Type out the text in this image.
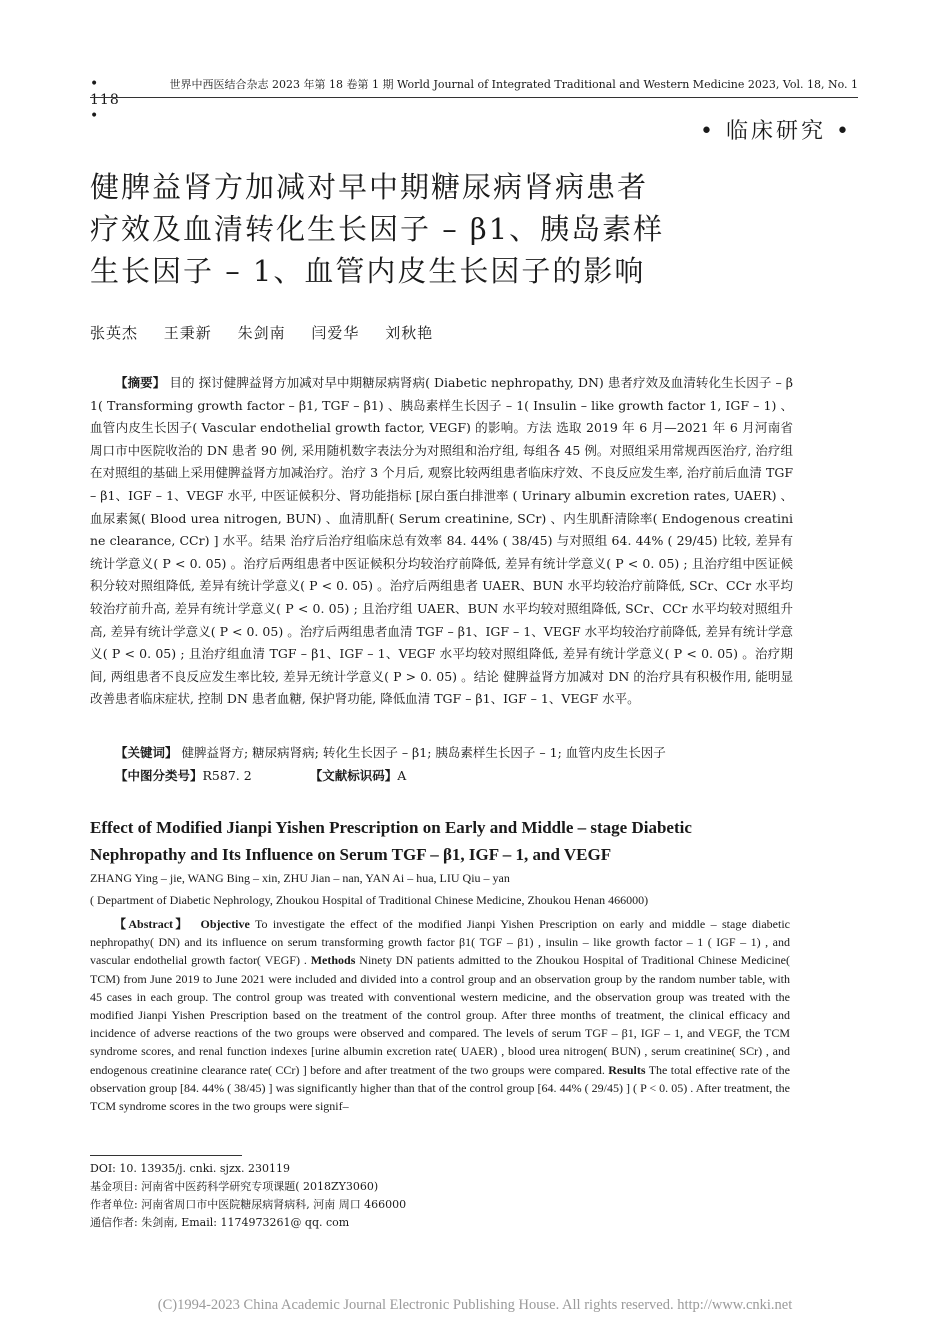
• 118 •
世界中西医结合杂志 2023 年第 18 卷第 1 期 World Journal of Integrated Traditional and Western Medicine 2023, Vol. 18, No. 1
• 临床研究 •
健脾益肾方加减对早中期糖尿病肾病患者
疗效及血清转化生长因子 – β1、胰岛素样
生长因子 – 1、血管内皮生长因子的影响
张英杰 王秉新 朱剑南 闫爱华 刘秋艳

【摘要】 目的 探讨健脾益肾方加减对早中期糖尿病肾病( Diabetic nephropathy, DN) 患者疗效及血清转化生长因子 – β1( Transforming growth factor – β1, TGF – β1) 、胰岛素样生长因子 – 1( Insulin – like growth factor 1, IGF – 1) 、血管内皮生长因子( Vascular endothelial growth factor, VEGF) 的影响。方法 选取 2019 年 6 月—2021 年 6 月河南省周口市中医院收治的 DN 患者 90 例, 采用随机数字表法分为对照组和治疗组, 每组各 45 例。对照组采用常规西医治疗, 治疗组在对照组的基础上采用健脾益肾方加减治疗。治疗 3 个月后, 观察比较两组患者临床疗效、不良反应发生率, 治疗前后血清 TGF – β1、IGF – 1、VEGF 水平, 中医证候积分、肾功能指标 [尿白蛋白排泄率 ( Urinary albumin excretion rates, UAER) 、血尿素氮( Blood urea nitrogen, BUN) 、血清肌酐( Serum creatinine, SCr) 、内生肌酐清除率( Endogenous creatinine clearance, CCr) ] 水平。结果 治疗后治疗组临床总有效率 84. 44% ( 38/45) 与对照组 64. 44% ( 29/45) 比较, 差异有统计学意义( P < 0. 05) 。治疗后两组患者中医证候积分均较治疗前降低, 差异有统计学意义( P < 0. 05) ; 且治疗组中医证候积分较对照组降低, 差异有统计学意义( P < 0. 05) 。治疗后两组患者 UAER、BUN 水平均较治疗前降低, SCr、CCr 水平均较治疗前升高, 差异有统计学意义( P < 0. 05) ; 且治疗组 UAER、BUN 水平均较对照组降低, SCr、CCr 水平均较对照组升高, 差异有统计学意义( P < 0. 05) 。治疗后两组患者血清 TGF – β1、IGF – 1、VEGF 水平均较治疗前降低, 差异有统计学意义( P < 0. 05) ; 且治疗组血清 TGF – β1、IGF – 1、VEGF 水平均较对照组降低, 差异有统计学意义( P < 0. 05) 。治疗期间, 两组患者不良反应发生率比较, 差异无统计学意义( P > 0. 05) 。结论 健脾益肾方加减对 DN 的治疗具有积极作用, 能明显改善患者临床症状, 控制 DN 患者血糖, 保护肾功能, 降低血清 TGF – β1、IGF – 1、VEGF 水平。

【关键词】 健脾益肾方; 糖尿病肾病; 转化生长因子 – β1; 胰岛素样生长因子 – 1; 血管内皮生长因子
【中图分类号】R587. 2	【文献标识码】A
Effect of Modified Jianpi Yishen Prescription on Early and Middle – stage Diabetic
Nephropathy and Its Influence on Serum TGF – β1, IGF – 1, and VEGF
ZHANG Ying – jie, WANG Bing – xin, ZHU Jian – nan, YAN Ai – hua, LIU Qiu – yan
( Department of Diabetic Nephrology, Zhoukou Hospital of Traditional Chinese Medicine, Zhoukou Henan 466000)

【Abstract】 Objective To investigate the effect of the modified Jianpi Yishen Prescription on early and middle – stage diabetic nephropathy( DN) and its influence on serum transforming growth factor β1( TGF – β1) , insulin – like growth factor – 1 ( IGF – 1) , and vascular endothelial growth factor( VEGF) . Methods Ninety DN patients admitted to the Zhoukou Hospital of Traditional Chinese Medicine( TCM) from June 2019 to June 2021 were included and divided into a control group and an observation group by the random number table, with 45 cases in each group. The control group was treated with conventional western medicine, and the observation group was treated with the modified Jianpi Yishen Prescription based on the treatment of the control group. After three months of treatment, the clinical efficacy and incidence of adverse reactions of the two groups were observed and compared. The levels of serum TGF – β1, IGF – 1, and VEGF, the TCM syndrome scores, and renal function indexes [urine albumin excretion rate( UAER) , blood urea nitrogen( BUN) , serum creatinine( SCr) , and endogenous creatinine clearance rate( CCr) ] before and after treatment of the two groups were compared. Results The total effective rate of the observation group [84. 44% ( 38/45) ] was significantly higher than that of the control group [64. 44% ( 29/45) ] ( P < 0. 05) . After treatment, the TCM syndrome scores in the two groups were signif–

DOI: 10. 13935/j. cnki. sjzx. 230119
基金项目: 河南省中医药科学研究专项课题( 2018ZY3060)
作者单位: 河南省周口市中医院糖尿病肾病科, 河南 周口 466000
通信作者: 朱剑南, Email: 1174973261@ qq. com
(C)1994-2023 China Academic Journal Electronic Publishing House. All rights reserved. http://www.cnki.net
